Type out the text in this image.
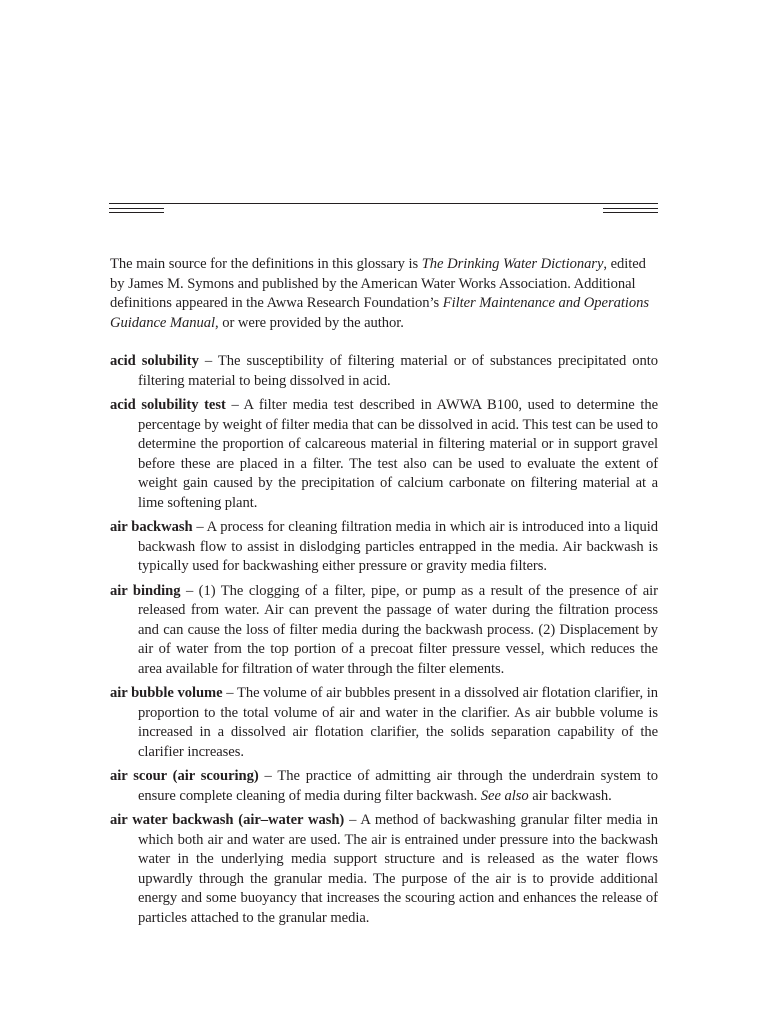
The main source for the definitions in this glossary is The Drinking Water Dictionary, edited by James M. Symons and published by the American Water Works Association. Additional definitions appeared in the Awwa Research Foundation’s Filter Maintenance and Operations Guidance Manual, or were provided by the author.

acid solubility – The susceptibility of filtering material or of substances precipitated onto filtering material to being dissolved in acid.

acid solubility test – A filter media test described in AWWA B100, used to determine the percentage by weight of filter media that can be dissolved in acid. This test can be used to determine the proportion of calcareous material in filtering material or in support gravel before these are placed in a filter. The test also can be used to evaluate the extent of weight gain caused by the precipitation of calcium carbonate on filtering material at a lime softening plant.

air backwash – A process for cleaning filtration media in which air is introduced into a liquid backwash flow to assist in dislodging particles entrapped in the media. Air backwash is typically used for backwashing either pressure or gravity media filters.

air binding – (1) The clogging of a filter, pipe, or pump as a result of the presence of air released from water. Air can prevent the passage of water during the filtration process and can cause the loss of filter media during the backwash process. (2) Displacement by air of water from the top portion of a precoat filter pressure vessel, which reduces the area available for filtration of water through the filter elements.

air bubble volume – The volume of air bubbles present in a dissolved air flotation clarifier, in proportion to the total volume of air and water in the clarifier. As air bubble volume is increased in a dissolved air flotation clarifier, the solids separation capability of the clarifier increases.

air scour (air scouring) – The practice of admitting air through the underdrain system to ensure complete cleaning of media during filter backwash. See also air backwash.

air water backwash (air–water wash) – A method of backwashing granular filter media in which both air and water are used. The air is entrained under pressure into the backwash water in the underlying media support structure and is released as the water flows upwardly through the granular media. The purpose of the air is to provide additional energy and some buoyancy that increases the scouring action and enhances the release of particles attached to the granular media.
